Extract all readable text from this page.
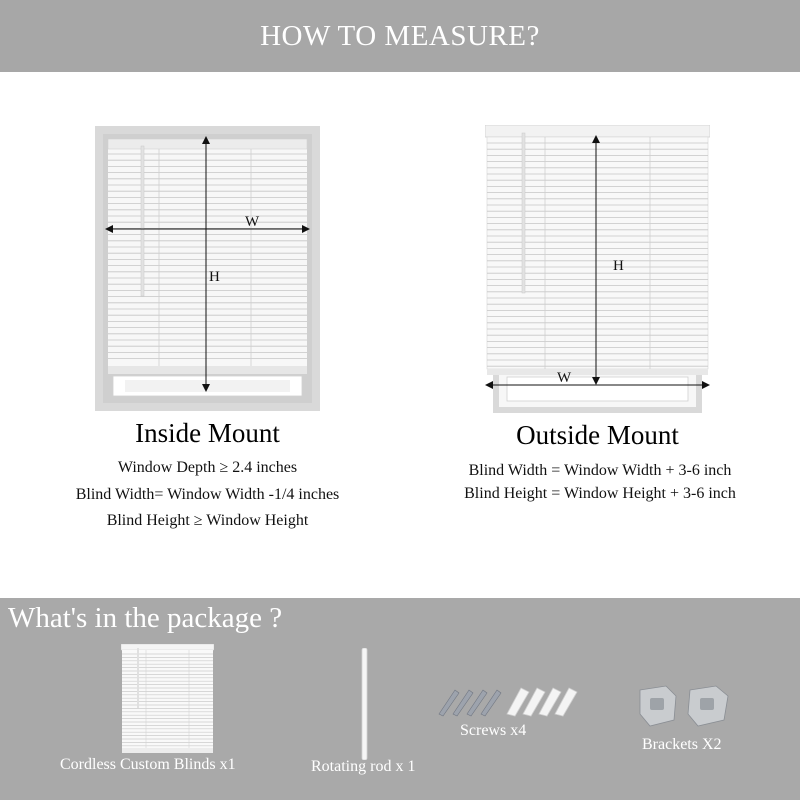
HOW TO MEASURE?
W
H
W
H
Inside Mount
Window Depth ≥ 2.4 inches
Blind Width= Window Width -1/4 inches
Blind Height ≥ Window Height
Outside Mount
Blind Width = Window Width + 3-6 inch
Blind Height = Window Height + 3-6 inch
What's in the package ?
Cordless Custom Blinds x1	Rotating rod x 1
Screws x4
Brackets X2
